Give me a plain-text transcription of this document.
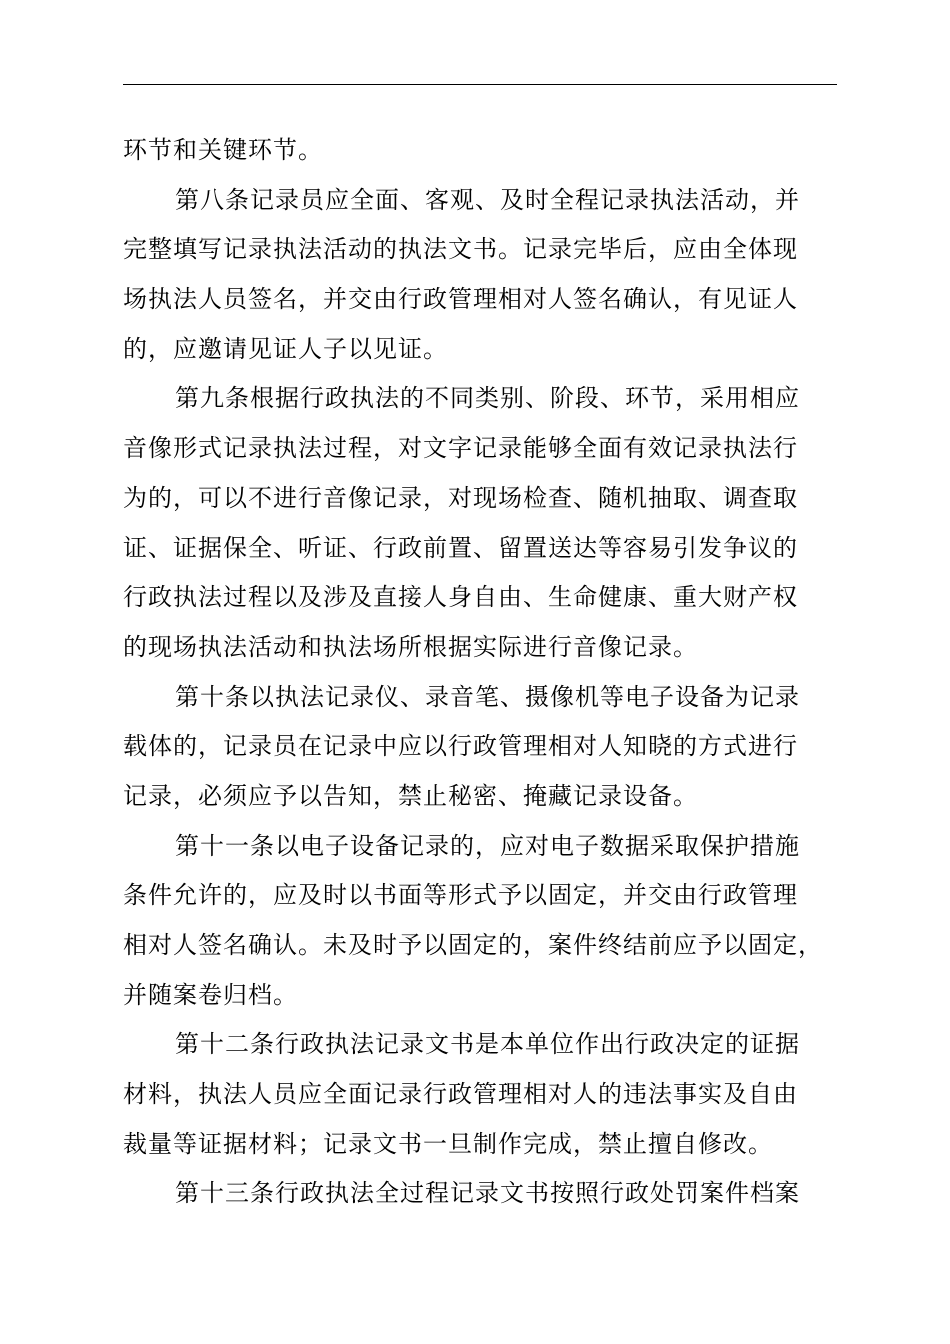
环节和关键环节。
第八条记录员应全面、客观、及时全程记录执法活动，并
完整填写记录执法活动的执法文书。记录完毕后，应由全体现
场执法人员签名，并交由行政管理相对人签名确认，有见证人
的，应邀请见证人子以见证。
第九条根据行政执法的不同类别、阶段、环节，采用相应
音像形式记录执法过程，对文字记录能够全面有效记录执法行
为的，可以不进行音像记录，对现场检查、随机抽取、调查取
证、证据保全、听证、行政前置、留置送达等容易引发争议的
行政执法过程以及涉及直接人身自由、生命健康、重大财产权
的现场执法活动和执法场所根据实际进行音像记录。
第十条以执法记录仪、录音笔、摄像机等电子设备为记录
载体的，记录员在记录中应以行政管理相对人知晓的方式进行
记录，必须应予以告知，禁止秘密、掩藏记录设备。
第十一条以电子设备记录的，应对电子数据采取保护措施
条件允许的，应及时以书面等形式予以固定，并交由行政管理
相对人签名确认。未及时予以固定的，案件终结前应予以固定，
并随案卷归档。
第十二条行政执法记录文书是本单位作出行政决定的证据
材料，执法人员应全面记录行政管理相对人的违法事实及自由
裁量等证据材料；记录文书一旦制作完成，禁止擅自修改。
第十三条行政执法全过程记录文书按照行政处罚案件档案
